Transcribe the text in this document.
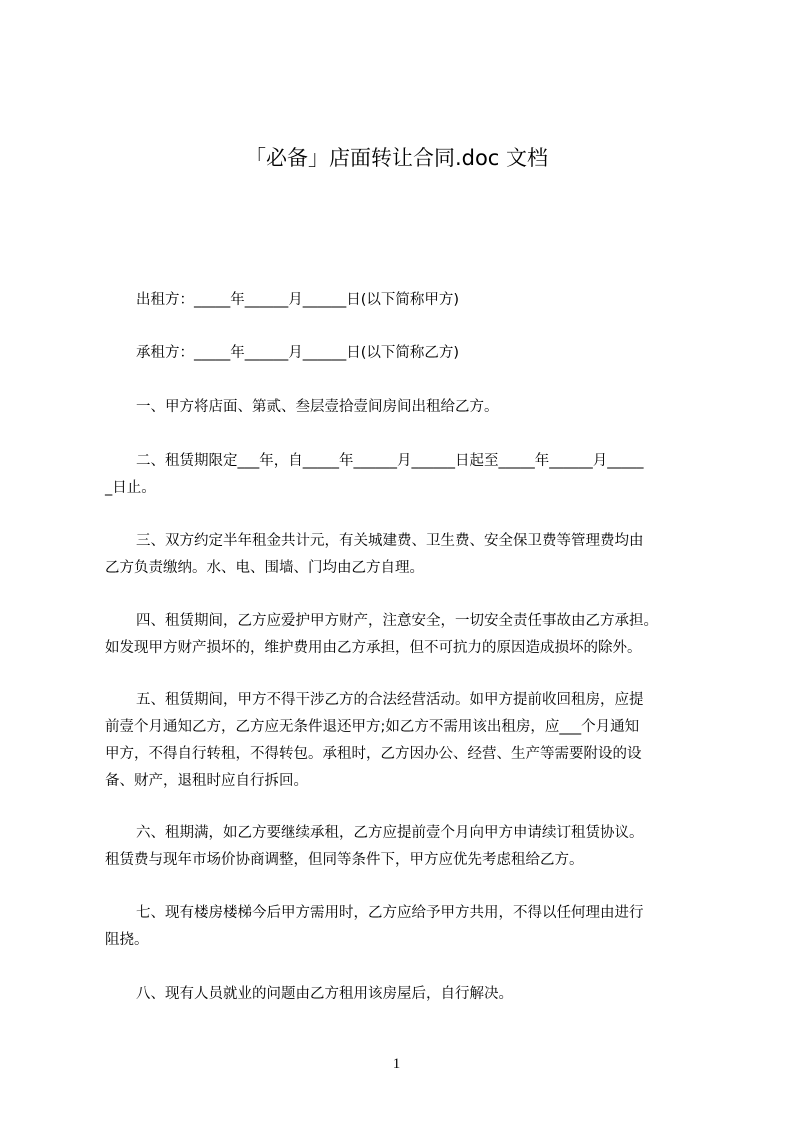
「必备」店面转让合同.doc 文档
出租方：_____年______月______日(以下简称甲方)
承租方：_____年______月______日(以下简称乙方)
一、甲方将店面、第贰、叁层壹拾壹间房间出租给乙方。
二、租赁期限定___年，自_____年______月______日起至_____年______月_____
_日止。
三、双方约定半年租金共计元，有关城建费、卫生费、安全保卫费等管理费均由
乙方负责缴纳。水、电、围墙、门均由乙方自理。
四、租赁期间，乙方应爱护甲方财产，注意安全，一切安全责任事故由乙方承担。
如发现甲方财产损坏的，维护费用由乙方承担，但不可抗力的原因造成损坏的除外。
五、租赁期间，甲方不得干涉乙方的合法经营活动。如甲方提前收回租房，应提
前壹个月通知乙方，乙方应无条件退还甲方;如乙方不需用该出租房，应___个月通知
甲方，不得自行转租，不得转包。承租时，乙方因办公、经营、生产等需要附设的设
备、财产，退租时应自行拆回。
六、租期满，如乙方要继续承租，乙方应提前壹个月向甲方申请续订租赁协议。
租赁费与现年市场价协商调整，但同等条件下，甲方应优先考虑租给乙方。
七、现有楼房楼梯今后甲方需用时，乙方应给予甲方共用，不得以任何理由进行
阻挠。
八、现有人员就业的问题由乙方租用该房屋后，自行解决。
1
